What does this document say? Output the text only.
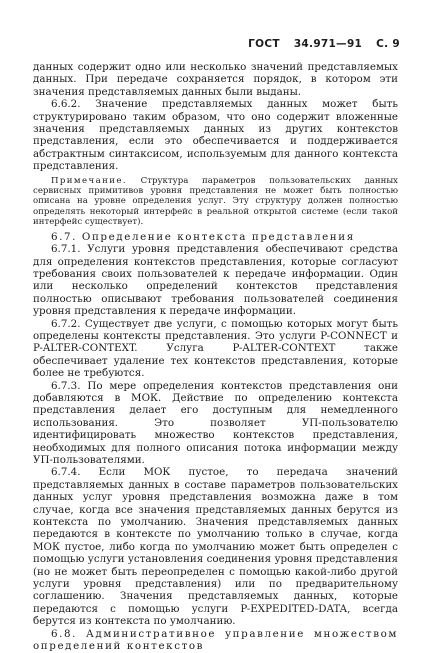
ГОСТ 34.971—91 С. 9

данных содержит одно или несколько значений представляемых данных. При передаче сохраняется порядок, в котором эти значения представляемых данных были выданы.

6.6.2. Значение представляемых данных может быть структурировано таким образом, что оно содержит вложенные значения представляемых данных из других контекстов представления, если это обеспечивается и поддерживается абстрактным синтаксисом, используемым для данного контекста представления.

Примечание. Структура параметров пользовательских данных сервисных примитивов уровня представления не может быть полностью описана на уровне определения услуг. Эту структуру должен полностью определять некоторый интерфейс в реальной открытой системе (если такой интерфейс существует).

6.7. Определение контекста представления

6.7.1. Услуги уровня представления обеспечивают средства для определения контекстов представления, которые согласуют требования своих пользователей к передаче информации. Один или несколько определений контекстов представления полностью описывают требования пользователей соединения уровня представления к передаче информации.

6.7.2. Существует две услуги, с помощью которых могут быть определены контексты представления. Это услуги P-CONNECT и P-ALTER-CONTEXT. Услуга P-ALTER-CONTEXT также обеспечивает удаление тех контекстов представления, которые более не требуются.

6.7.3. По мере определения контекстов представления они добавляются в МОК. Действие по определению контекста представления делает его доступным для немедленного использования. Это позволяет УП-пользователю идентифицировать множество контекстов представления, необходимых для полного описания потока информации между УП-пользователями.

6.7.4. Если МОК пустое, то передача значений представляемых данных в составе параметров пользовательских данных услуг уровня представления возможна даже в том случае, когда все значения представляемых данных берутся из контекста по умолчанию. Значения представляемых данных передаются в контексте по умолчанию только в случае, когда МОК пустое, либо когда по умолчанию может быть определен с помощью услуги установления соединения уровня представления (но не может быть переопределен с помощью какой-либо другой услуги уровня представления) или по предварительному соглашению. Значения представляемых данных, которые передаются с помощью услуги P-EXPEDITED-DATA, всегда берутся из контекста по умолчанию.

6.8. Административное управление множеством определений контекстов
